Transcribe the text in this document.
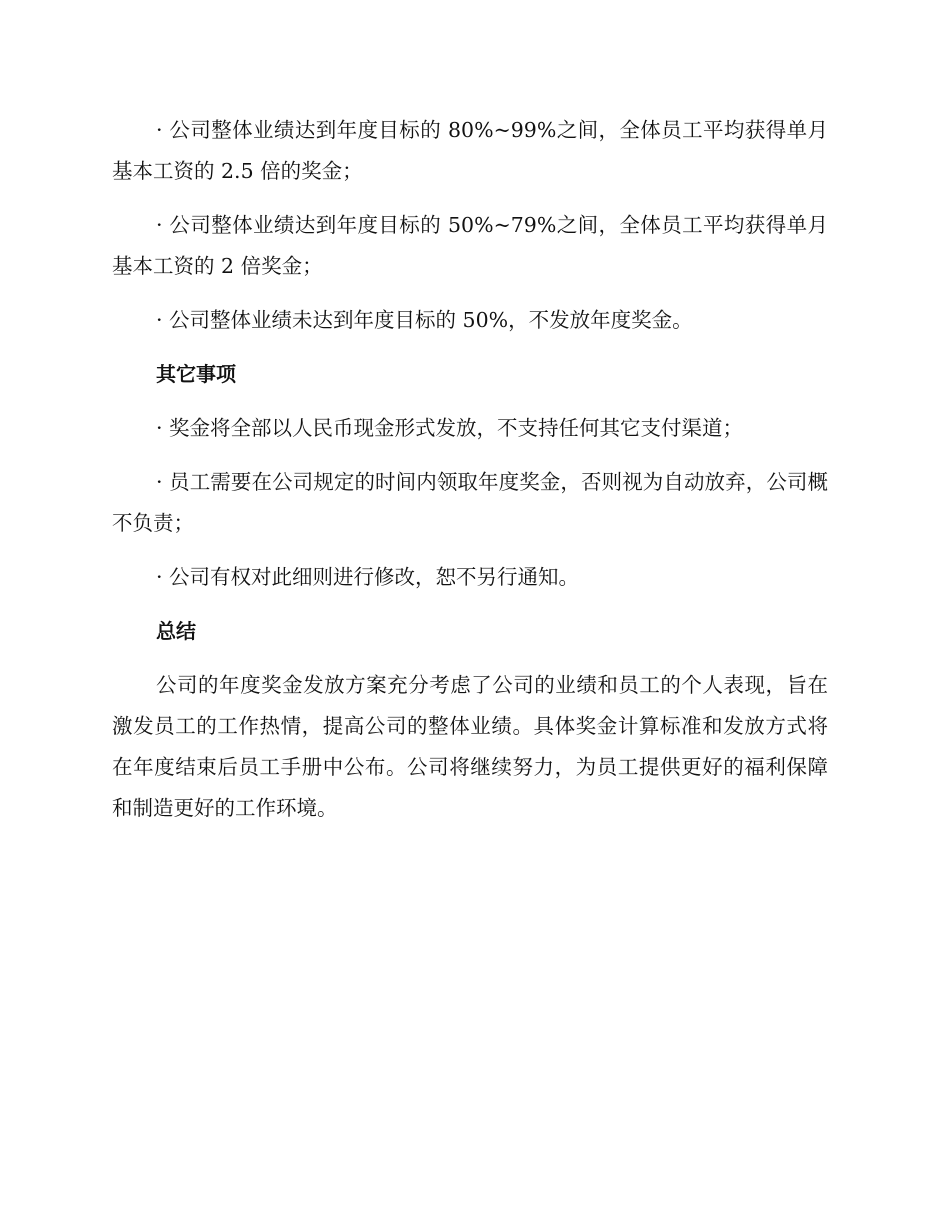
· 公司整体业绩达到年度目标的 80%~99%之间，全体员工平均获得单月基本工资的 2.5 倍的奖金；

· 公司整体业绩达到年度目标的 50%~79%之间，全体员工平均获得单月基本工资的 2 倍奖金；

· 公司整体业绩未达到年度目标的 50%，不发放年度奖金。

其它事项

· 奖金将全部以人民币现金形式发放，不支持任何其它支付渠道；

· 员工需要在公司规定的时间内领取年度奖金，否则视为自动放弃，公司概不负责；

· 公司有权对此细则进行修改，恕不另行通知。

总结

公司的年度奖金发放方案充分考虑了公司的业绩和员工的个人表现，旨在激发员工的工作热情，提高公司的整体业绩。具体奖金计算标准和发放方式将在年度结束后员工手册中公布。公司将继续努力，为员工提供更好的福利保障和制造更好的工作环境。
